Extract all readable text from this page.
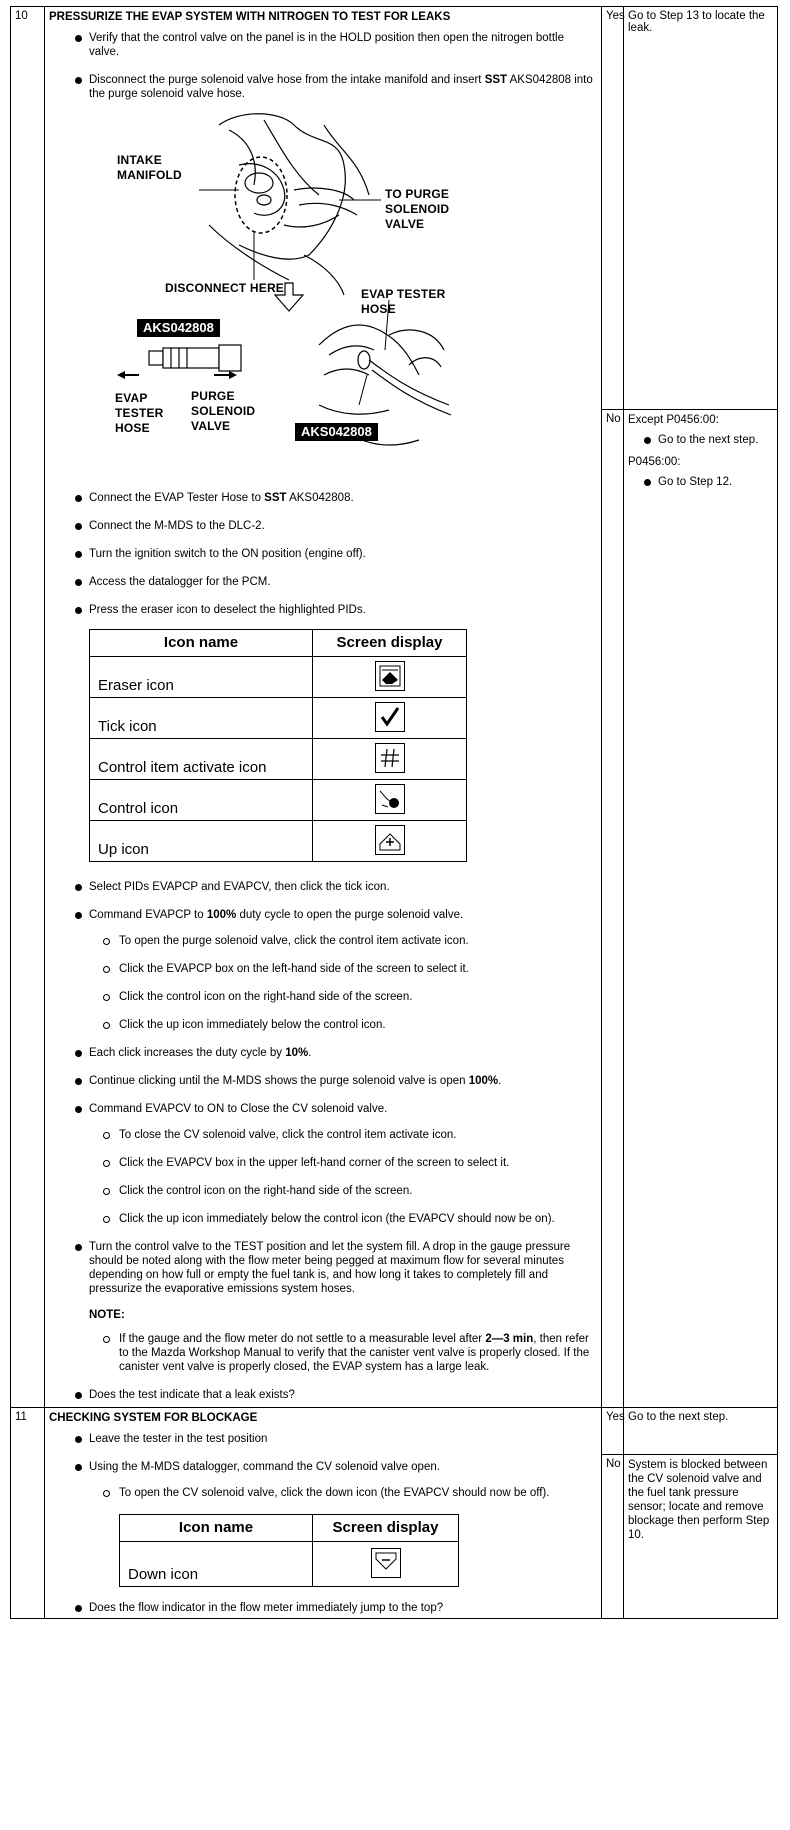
10	PRESSURIZE THE EVAP SYSTEM WITH NITROGEN TO TEST FOR LEAKS
Verify that the control valve on the panel is in the HOLD position then open the nitrogen bottle valve.
Disconnect the purge solenoid valve hose from the intake manifold and insert SST AKS042808 into the purge solenoid valve hose.
INTAKE
MANIFOLD
TO PURGE
SOLENOID
VALVE
DISCONNECT HERE	EVAP TESTER
HOSE
AKS042808
EVAP
TESTER
HOSE
PURGE
SOLENOID
VALVE	AKS042808
Connect the EVAP Tester Hose to SST AKS042808.
Connect the M-MDS to the DLC-2.
Turn the ignition switch to the ON position (engine off).
Access the datalogger for the PCM.
Press the eraser icon to deselect the highlighted PIDs.
Icon name	Screen display
Eraser icon	
Tick icon	
Control item activate icon	
Control icon	
Up icon	
Select PIDs EVAPCP and EVAPCV, then click the tick icon.
Command EVAPCP to 100% duty cycle to open the purge solenoid valve.
To open the purge solenoid valve, click the control item activate icon.
Click the EVAPCP box on the left-hand side of the screen to select it.
Click the control icon on the right-hand side of the screen.
Click the up icon immediately below the control icon.
Each click increases the duty cycle by 10%.
Continue clicking until the M-MDS shows the purge solenoid valve is open 100%.
Command EVAPCV to ON to Close the CV solenoid valve.
To close the CV solenoid valve, click the control item activate icon.
Click the EVAPCV box in the upper left-hand corner of the screen to select it.
Click the control icon on the right-hand side of the screen.
Click the up icon immediately below the control icon (the EVAPCV should now be on).
Turn the control valve to the TEST position and let the system fill. A drop in the gauge pressure should be noted along with the flow meter being pegged at maximum flow for several minutes depending on how full or empty the fuel tank is, and how long it takes to completely fill and pressurize the evaporative emissions system hoses.
NOTE:
If the gauge and the flow meter do not settle to a measurable level after 2—3 min, then refer to the Mazda Workshop Manual to verify that the canister vent valve is properly closed. If the canister vent valve is properly closed, the EVAP system has a large leak.
Does the test indicate that a leak exists?
	Yes	Go to Step 13 to locate the leak.
No	Except P0456:00:
Go to the next step.
P0456:00:
Go to Step 12.

11	CHECKING SYSTEM FOR BLOCKAGE
Leave the tester in the test position
Using the M-MDS datalogger, command the CV solenoid valve open.
To open the CV solenoid valve, click the down icon (the EVAPCV should now be off).
Icon name	Screen display
Down icon	
Does the flow indicator in the flow meter immediately jump to the top?
	Yes	Go to the next step.
No	System is blocked between the CV solenoid valve and the fuel tank pressure sensor; locate and remove blockage then perform Step 10.
